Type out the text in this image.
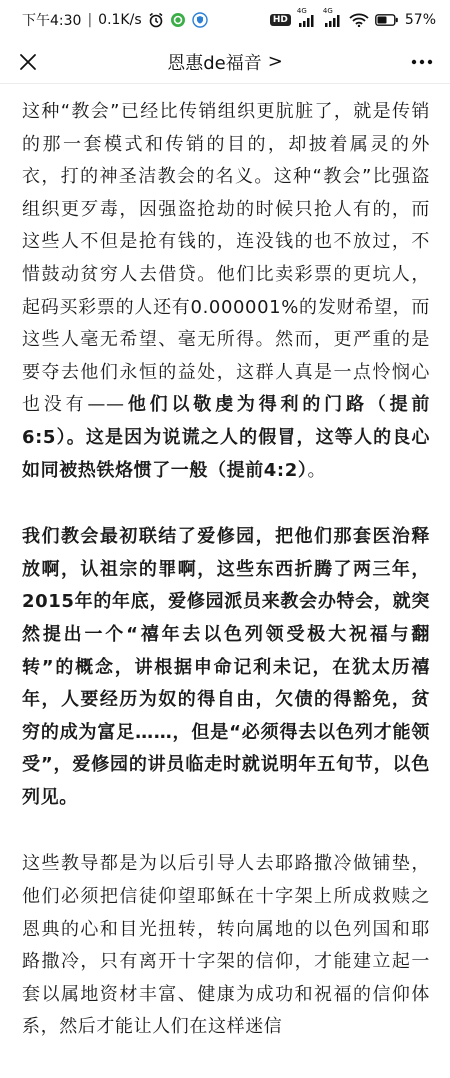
下午4:30 | 0.1K/s	HD
4G 4G
57%
恩惠de福音 >

这种“教会”已经比传销组织更肮脏了，就是传销的那一套模式和传销的目的，却披着属灵的外衣，打的神圣洁教会的名义。这种“教会”比强盗组织更歹毒，因强盗抢劫的时候只抢人有的，而这些人不但是抢有钱的，连没钱的也不放过，不惜鼓动贫穷人去借贷。他们比卖彩票的更坑人，起码买彩票的人还有0.000001%的发财希望，而这些人毫无希望、毫无所得。然而，更严重的是要夺去他们永恒的益处，这群人真是一点怜悯心也没有——他们以敬虔为得利的门路（提前6:5）。这是因为说谎之人的假冒，这等人的良心如同被热铁烙惯了一般（提前4:2）。

我们教会最初联结了爱修园，把他们那套医治释放啊，认祖宗的罪啊，这些东西折腾了两三年，2015年的年底，爱修园派员来教会办特会，就突然提出一个“禧年去以色列领受极大祝福与翻转”的概念，讲根据申命记利未记，在犹太历禧年，人要经历为奴的得自由，欠债的得豁免，贫穷的成为富足……，但是“必须得去以色列才能领受”，爱修园的讲员临走时就说明年五旬节，以色列见。

这些教导都是为以后引导人去耶路撒冷做铺垫，他们必须把信徒仰望耶稣在十字架上所成救赎之恩典的心和目光扭转，转向属地的以色列国和耶路撒冷，只有离开十字架的信仰，才能建立起一套以属地资材丰富、健康为成功和祝福的信仰体系，然后才能让人们在这样迷信
